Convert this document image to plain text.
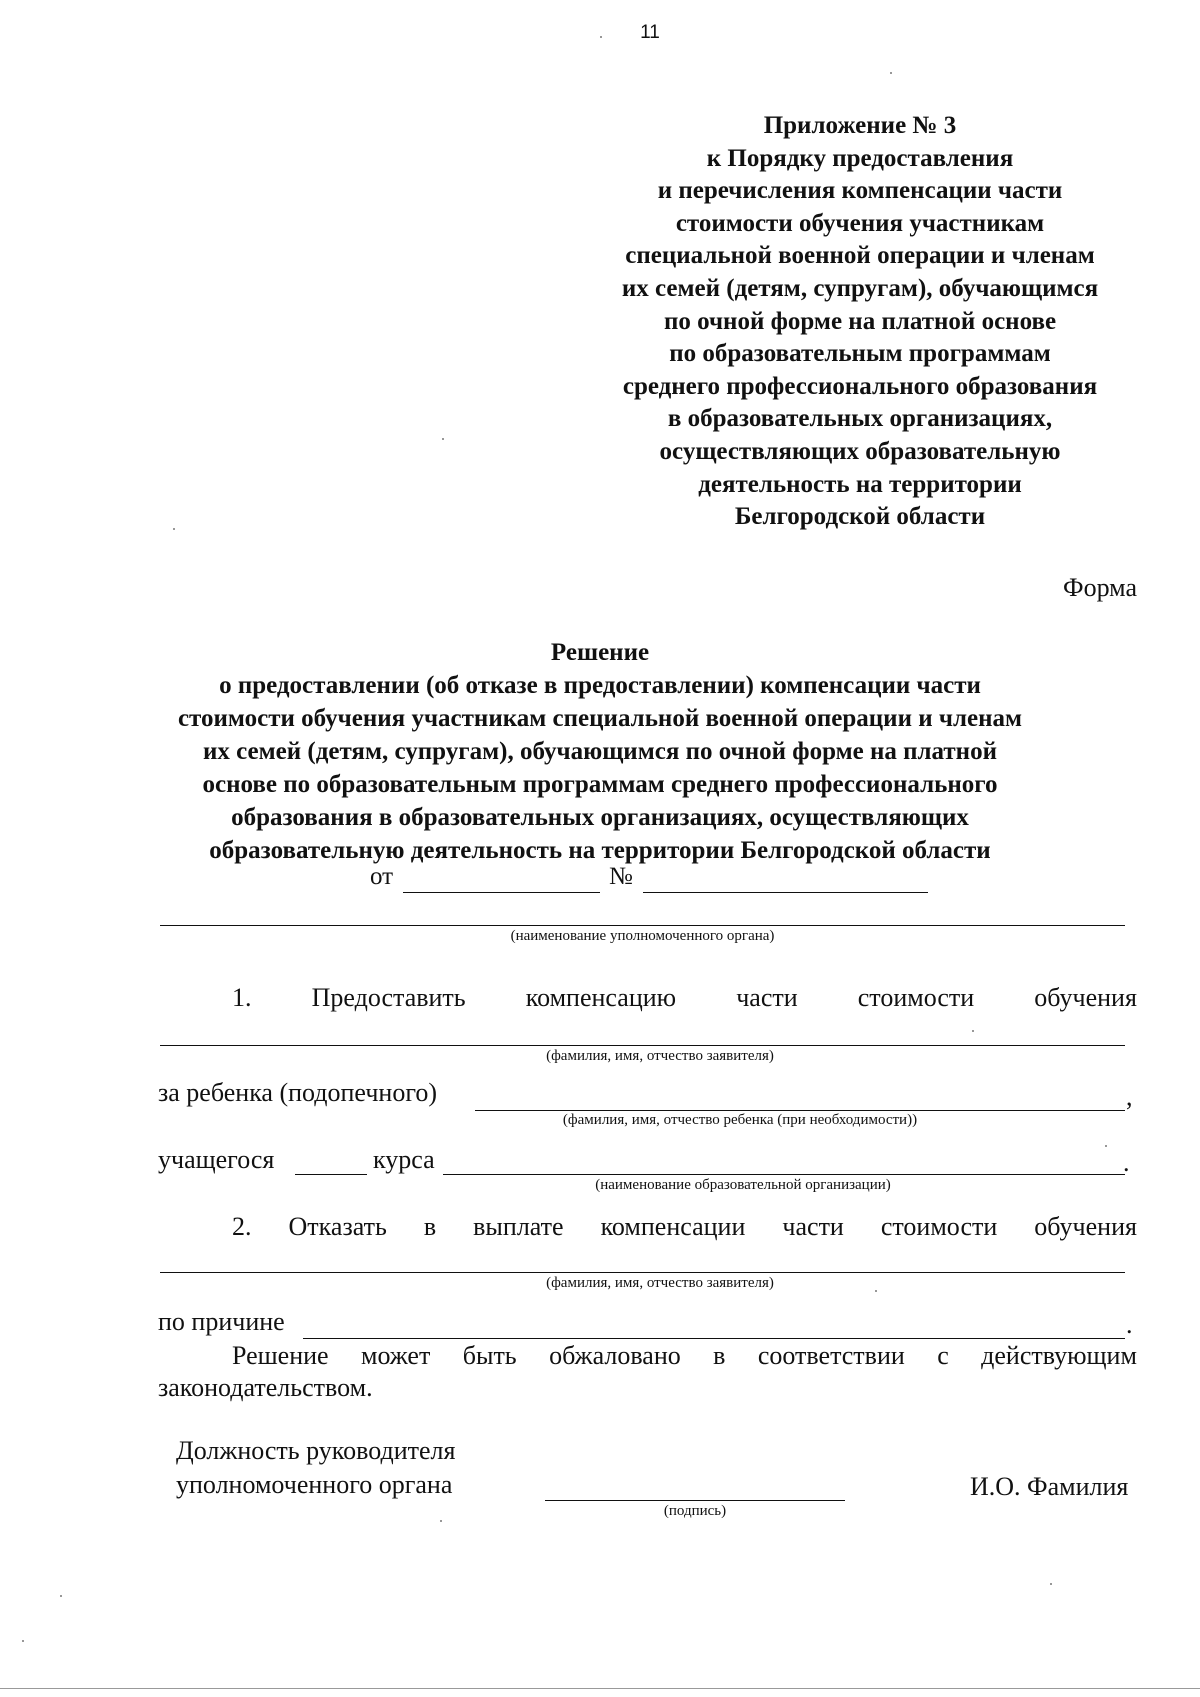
11
Приложение № 3
к Порядку предоставления
и перечисления компенсации части
стоимости обучения участникам
специальной военной операции и членам
их семей (детям, супругам), обучающимся
по очной форме на платной основе
по образовательным программам
среднего профессионального образования
в образовательных организациях,
осуществляющих образовательную
деятельность на территории
Белгородской области
Форма
Решение
о предоставлении (об отказе в предоставлении) компенсации части
стоимости обучения участникам специальной военной операции и членам
их семей (детям, супругам), обучающимся по очной форме на платной
основе по образовательным программам среднего профессионального
образования в образовательных организациях, осуществляющих
образовательную деятельность на территории Белгородской области
от	№
(наименование уполномоченного органа)
1. Предоставить компенсацию части стоимости обучения
(фамилия, имя, отчество заявителя)
за ребенка (подопечного)	,
(фамилия, имя, отчество ребенка (при необходимости))
учащегося	курса	.
(наименование образовательной организации)
2. Отказать в выплате компенсации части стоимости обучения
(фамилия, имя, отчество заявителя)
по причине	.
Решение может быть обжаловано в соответствии с действующим
законодательством.
Должность руководителя
уполномоченного органа
(подпись)
И.О. Фамилия
